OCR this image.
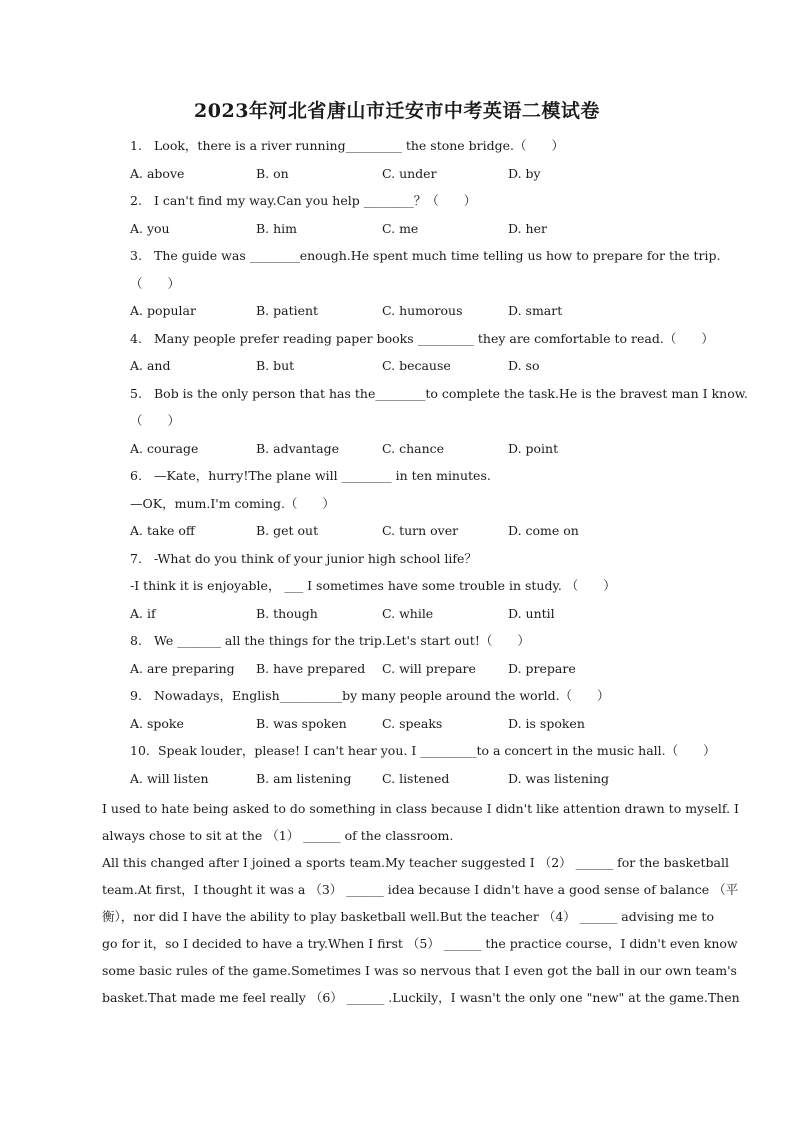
2023年河北省唐山市迁安市中考英语二模试卷
1. Look，there is a river running_________ the stone bridge.（　　）
A. above	B. on	C. under	D. by
2. I can't find my way.Can you help ________？（　　）
A. you	B. him	C. me	D. her
3. The guide was ________enough.He spent much time telling us how to prepare for the trip.
（　　）
A. popular	B. patient	C. humorous	D. smart
4. Many people prefer reading paper books _________ they are comfortable to read.（　　）
A. and	B. but	C. because	D. so
5. Bob is the only person that has the________to complete the task.He is the bravest man I know.
（　　）
A. courage	B. advantage	C. chance	D. point
6. —Kate，hurry!The plane will ________ in ten minutes.
—OK，mum.I'm coming.（　　）
A. take off	B. get out	C. turn over	D. come on
7. -What do you think of your junior high school life？
-I think it is enjoyable， ___ I sometimes have some trouble in study. （　　）
A. if	B. though	C. while	D. until
8. We _______ all the things for the trip.Let's start out!（　　）
A. are preparing	B. have prepared	C. will prepare	D. prepare
9. Nowadays，English__________by many people around the world.（　　）
A. spoke	B. was spoken	C. speaks	D. is spoken
10. Speak louder，please! I can't hear you. I _________to a concert in the music hall.（　　）
A. will listen	B. am listening	C. listened	D. was listening

I used to hate being asked to do something in class because I didn't like attention drawn to myself. I

always chose to sit at the （1） ______ of the classroom.

All this changed after I joined a sports team.My teacher suggested I （2） ______ for the basketball

team.At first，I thought it was a （3） ______ idea because I didn't have a good sense of balance （平

衡），nor did I have the ability to play basketball well.But the teacher （4） ______ advising me to

go for it，so I decided to have a try.When I first （5） ______ the practice course，I didn't even know

some basic rules of the game.Sometimes I was so nervous that I even got the ball in our own team's

basket.That made me feel really （6） ______ .Luckily，I wasn't the only one "new" at the game.Then
